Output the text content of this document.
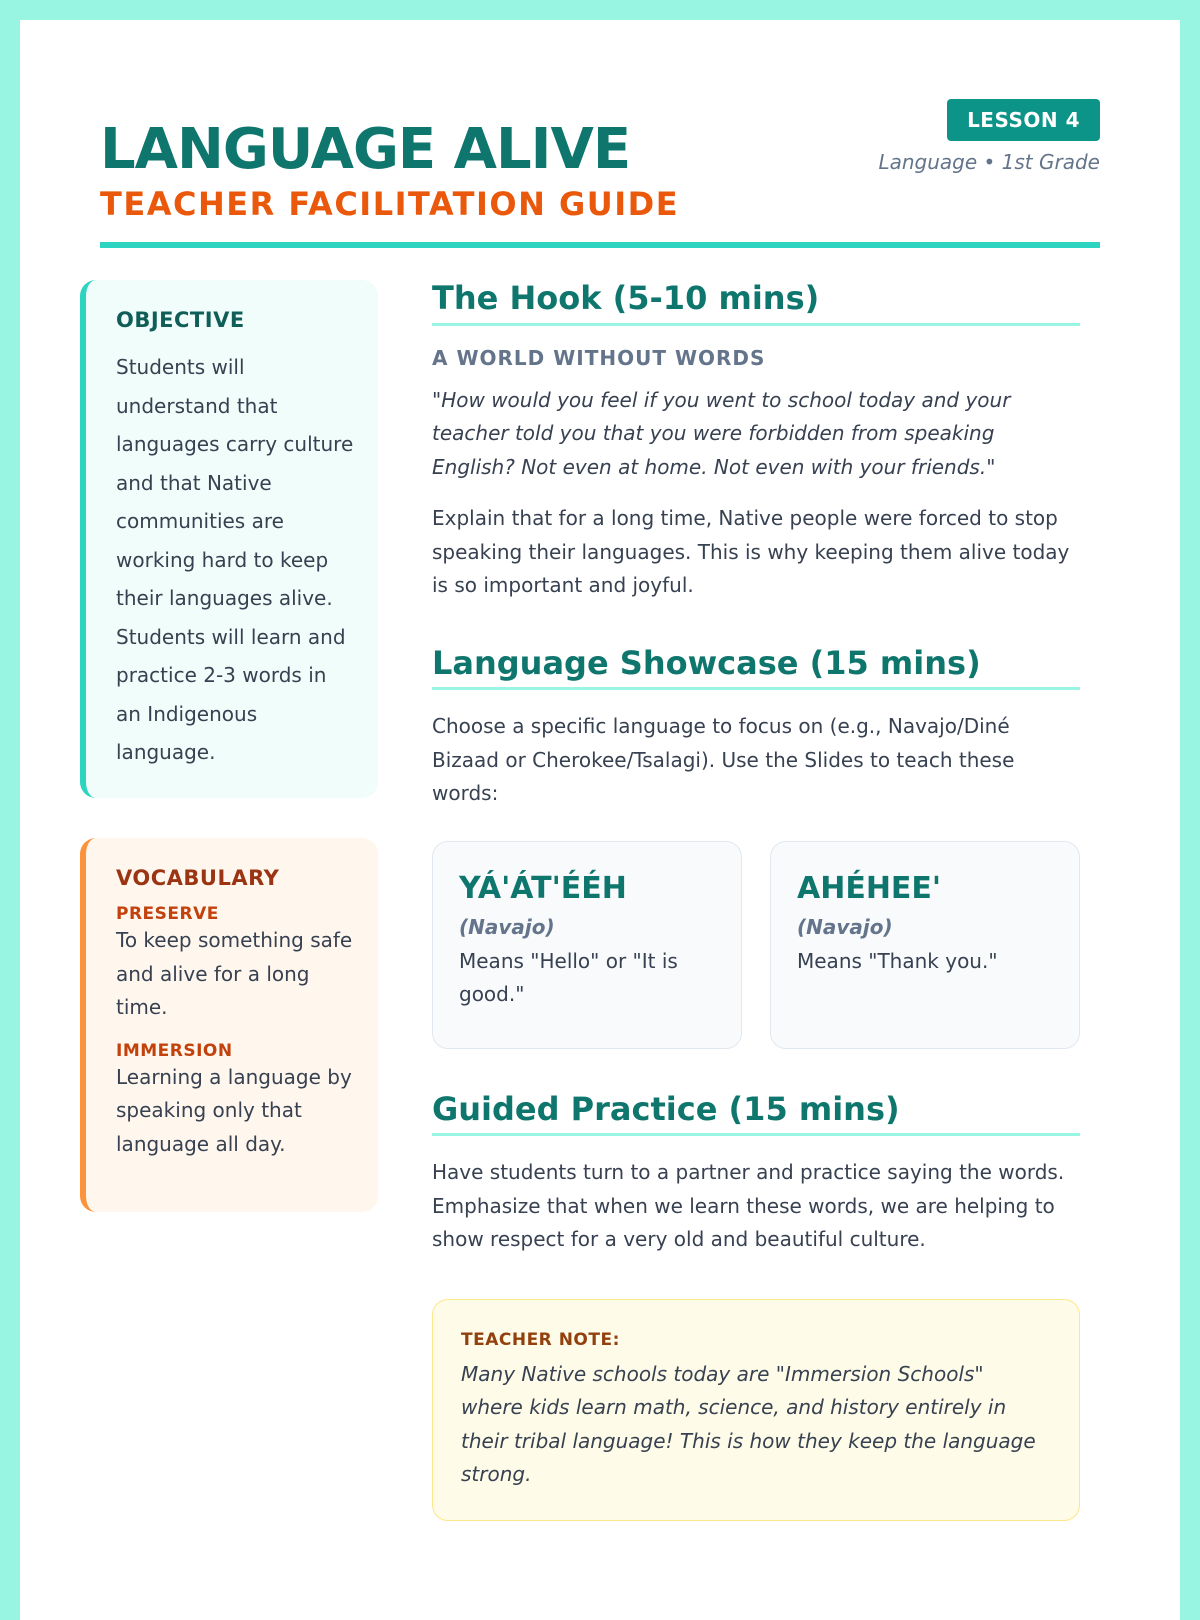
LANGUAGE ALIVE
TEACHER FACILITATION GUIDE
LESSON 4
Language • 1st Grade
OBJECTIVE

Students will understand that languages carry culture and that Native communities are working hard to keep their languages alive. Students will learn and practice 2-3 words in an Indigenous language.

VOCABULARY
PRESERVE

To keep something safe and alive for a long time.

IMMERSION

Learning a language by speaking only that language all day.

The Hook (5-10 mins)
A WORLD WITHOUT WORDS

"How would you feel if you went to school today and your teacher told you that you were forbidden from speaking English? Not even at home. Not even with your friends."

Explain that for a long time, Native people were forced to stop speaking their languages. This is why keeping them alive today is so important and joyful.

Language Showcase (15 mins)

Choose a specific language to focus on (e.g., Navajo/Diné Bizaad or Cherokee/Tsalagi). Use the Slides to teach these words:

YÁ'ÁT'ÉÉH
(Navajo)
Means "Hello" or "It is good."
AHÉHEE'
(Navajo)
Means "Thank you."
Guided Practice (15 mins)

Have students turn to a partner and practice saying the words. Emphasize that when we learn these words, we are helping to show respect for a very old and beautiful culture.

TEACHER NOTE:

Many Native schools today are "Immersion Schools" where kids learn math, science, and history entirely in their tribal language! This is how they keep the language strong.
